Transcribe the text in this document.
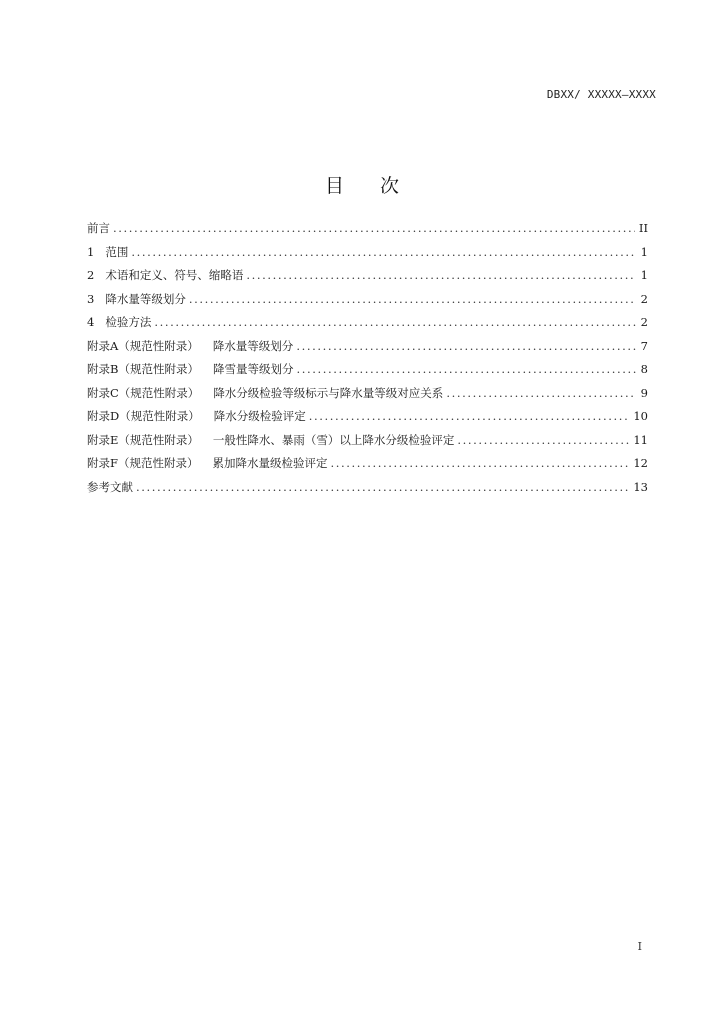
DBXX/ XXXXX—XXXX
目 次
前言 .....	II
1 范围 .....	1
2 术语和定义、符号、缩略语 .....	1
3 降水量等级划分 .....	2
4 检验方法 .....	2
附录A（规范性附录） 降水量等级划分 .....	7
附录B（规范性附录） 降雪量等级划分 .....	8
附录C（规范性附录） 降水分级检验等级标示与降水量等级对应关系 .....	9
附录D（规范性附录） 降水分级检验评定 .....	10
附录E（规范性附录） 一般性降水、暴雨（雪）以上降水分级检验评定 .....	11
附录F（规范性附录） 累加降水量级检验评定 .....	12
参考文献 .....	13
I
